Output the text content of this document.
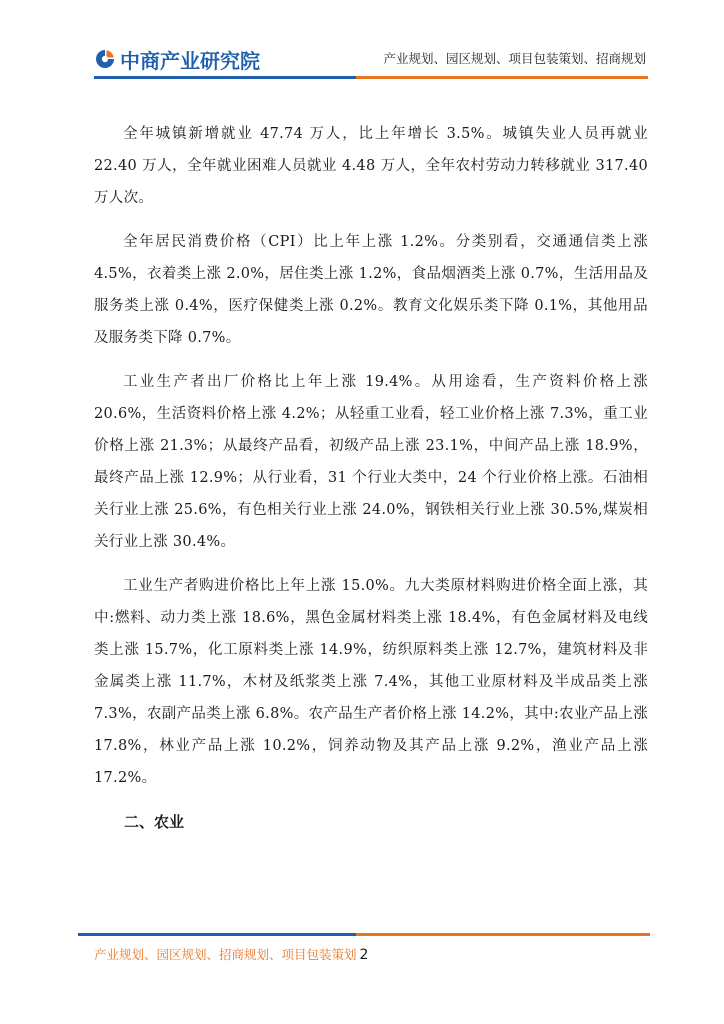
中商产业研究院	产业规划、园区规划、项目包装策划、招商规划

全年城镇新增就业 47.74 万人，比上年增长 3.5%。城镇失业人员再就业 22.40 万人，全年就业困难人员就业 4.48 万人，全年农村劳动力转移就业 317.40 万人次。

全年居民消费价格（CPI）比上年上涨 1.2%。分类别看，交通通信类上涨 4.5%，衣着类上涨 2.0%，居住类上涨 1.2%，食品烟酒类上涨 0.7%，生活用品及服务类上涨 0.4%，医疗保健类上涨 0.2%。教育文化娱乐类下降 0.1%，其他用品及服务类下降 0.7%。

工业生产者出厂价格比上年上涨 19.4%。从用途看，生产资料价格上涨 20.6%，生活资料价格上涨 4.2%；从轻重工业看，轻工业价格上涨 7.3%，重工业价格上涨 21.3%；从最终产品看，初级产品上涨 23.1%，中间产品上涨 18.9%，最终产品上涨 12.9%；从行业看，31 个行业大类中，24 个行业价格上涨。石油相关行业上涨 25.6%，有色相关行业上涨 24.0%，钢铁相关行业上涨 30.5%,煤炭相关行业上涨 30.4%。

工业生产者购进价格比上年上涨 15.0%。九大类原材料购进价格全面上涨，其中:燃料、动力类上涨 18.6%，黑色金属材料类上涨 18.4%，有色金属材料及电线类上涨 15.7%，化工原料类上涨 14.9%，纺织原料类上涨 12.7%，建筑材料及非金属类上涨 11.7%，木材及纸浆类上涨 7.4%，其他工业原材料及半成品类上涨 7.3%，农副产品类上涨 6.8%。农产品生产者价格上涨 14.2%，其中:农业产品上涨 17.8%，林业产品上涨 10.2%，饲养动物及其产品上涨 9.2%，渔业产品上涨 17.2%。

二、农业

产业规划、园区规划、招商规划、项目包装策划 2
